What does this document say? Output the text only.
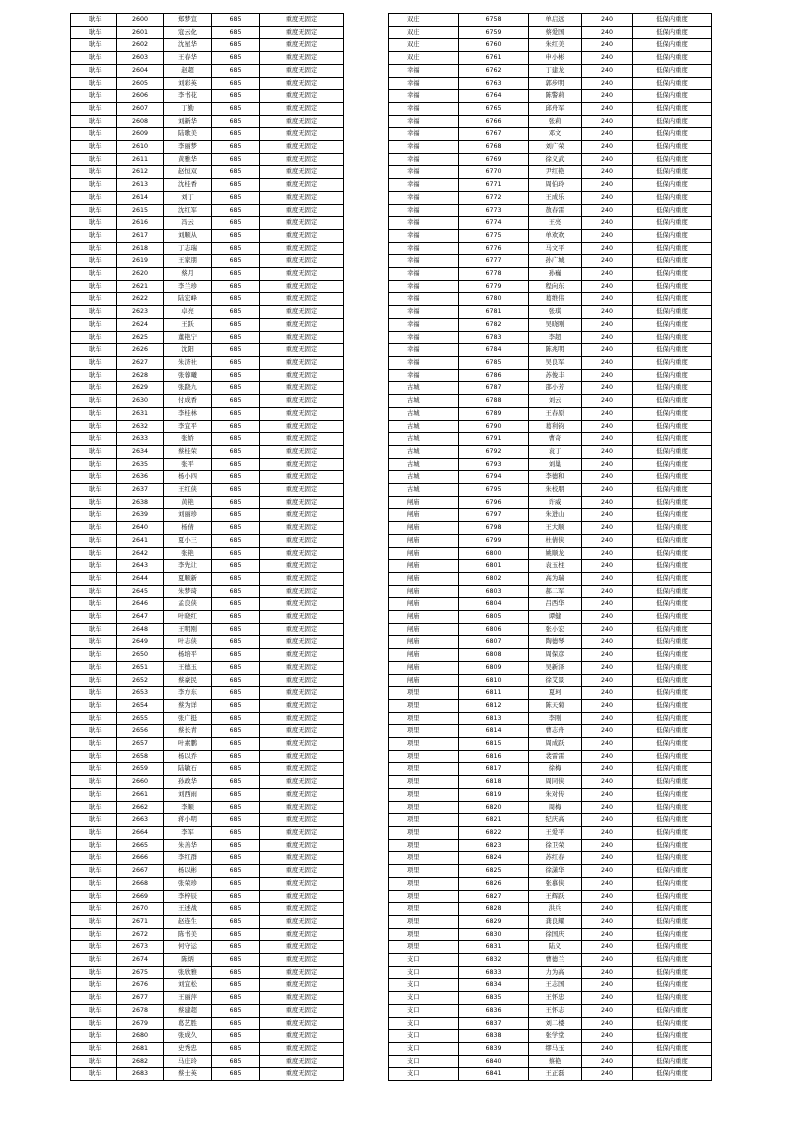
耿车	2600	郑梦宣	685	重度无固定
耿车	2601	寇云化	685	重度无固定
耿车	2602	沈星华	685	重度无固定
耿车	2603	王春华	685	重度无固定
耿车	2604	赵超	685	重度无固定
耿车	2605	刘彩英	685	重度无固定
耿车	2606	李书花	685	重度无固定
耿车	2607	丁勤	685	重度无固定
耿车	2608	刘新华	685	重度无固定
耿车	2609	陆歌美	685	重度无固定
耿车	2610	李丽梦	685	重度无固定
耿车	2611	黄雅华	685	重度无固定
耿车	2612	赵恒双	685	重度无固定
耿车	2613	沈桂香	685	重度无固定
耿车	2614	刘丁	685	重度无固定
耿车	2615	沈红军	685	重度无固定
耿车	2616	冯云	685	重度无固定
耿车	2617	刘顺从	685	重度无固定
耿车	2618	丁志瑞	685	重度无固定
耿车	2619	王家朋	685	重度无固定
耿车	2620	蔡月	685	重度无固定
耿车	2621	李兰珍	685	重度无固定
耿车	2622	陆宏峰	685	重度无固定
耿车	2623	卓亮	685	重度无固定
耿车	2624	王跃	685	重度无固定
耿车	2625	董艳宁	685	重度无固定
耿车	2626	沈阳	685	重度无固定
耿车	2627	朱济社	685	重度无固定
耿车	2628	张蓉曦	685	重度无固定
耿车	2629	张跷九	685	重度无固定
耿车	2630	付成香	685	重度无固定
耿车	2631	李桂林	685	重度无固定
耿车	2632	李宜平	685	重度无固定
耿车	2633	张娇	685	重度无固定
耿车	2634	蔡桂荣	685	重度无固定
耿车	2635	张平	685	重度无固定
耿车	2636	杨小四	685	重度无固定
耿车	2637	王红侠	685	重度无固定
耿车	2638	黄艳	685	重度无固定
耿车	2639	刘丽珍	685	重度无固定
耿车	2640	杨倩	685	重度无固定
耿车	2641	夏小三	685	重度无固定
耿车	2642	张艳	685	重度无固定
耿车	2643	李先让	685	重度无固定
耿车	2644	夏顺新	685	重度无固定
耿车	2645	朱梦琦	685	重度无固定
耿车	2646	孟良侠	685	重度无固定
耿车	2647	叶晓红	685	重度无固定
耿车	2648	王明刚	685	重度无固定
耿车	2649	叶志侠	685	重度无固定
耿车	2650	杨培平	685	重度无固定
耿车	2651	王德玉	685	重度无固定
耿车	2652	蔡豪民	685	重度无固定
耿车	2653	李方东	685	重度无固定
耿车	2654	蔡为详	685	重度无固定
耿车	2655	张广挺	685	重度无固定
耿车	2656	蔡长青	685	重度无固定
耿车	2657	叶素鹏	685	重度无固定
耿车	2658	杨以乔	685	重度无固定
耿车	2659	陆敏石	685	重度无固定
耿车	2660	孙政华	685	重度无固定
耿车	2661	刘西雨	685	重度无固定
耿车	2662	李顺	685	重度无固定
耿车	2663	蒋小明	685	重度无固定
耿车	2664	李军	685	重度无固定
耿车	2665	朱善华	685	重度无固定
耿车	2666	李红群	685	重度无固定
耿车	2667	杨以彬	685	重度无固定
耿车	2668	张荣珍	685	重度无固定
耿车	2669	李梓辰	685	重度无固定
耿车	2670	王述战	685	重度无固定
耿车	2671	赵连生	685	重度无固定
耿车	2672	陈书美	685	重度无固定
耿车	2673	何守运	685	重度无固定
耿车	2674	陈炳	685	重度无固定
耿车	2675	张欣雅	685	重度无固定
耿车	2676	刘宜松	685	重度无固定
耿车	2677	王丽萍	685	重度无固定
耿车	2678	蔡建超	685	重度无固定
耿车	2679	葛艺胜	685	重度无固定
耿车	2680	张成久	685	重度无固定
耿车	2681	史秀忠	685	重度无固定
耿车	2682	马庄玲	685	重度无固定
耿车	2683	蔡士英	685	重度无固定
双庄	6758	单启远	240	低保内重度
双庄	6759	蔡爱国	240	低保内重度
双庄	6760	朱红美	240	低保内重度
双庄	6761	申小彬	240	低保内重度
幸福	6762	丁建龙	240	低保内重度
幸福	6763	郭步明	240	低保内重度
幸福	6764	陈警莉	240	低保内重度
幸福	6765	邱舟军	240	低保内重度
幸福	6766	张莉	240	低保内重度
幸福	6767	邓文	240	低保内重度
幸福	6768	刘广荣	240	低保内重度
幸福	6769	徐义武	240	低保内重度
幸福	6770	尹红艳	240	低保内重度
幸福	6771	周伯玲	240	低保内重度
幸福	6772	王成乐	240	低保内重度
幸福	6773	敖春雷	240	低保内重度
幸福	6774	王亮	240	低保内重度
幸福	6775	单欢欢	240	低保内重度
幸福	6776	马文平	240	低保内重度
幸福	6777	孙广城	240	低保内重度
幸福	6778	孙巍	240	低保内重度
幸福	6779	程向东	240	低保内重度
幸福	6780	葛维伟	240	低保内重度
幸福	6781	张琪	240	低保内重度
幸福	6782	吴晓刚	240	低保内重度
幸福	6783	李超	240	低保内重度
幸福	6784	陈兆明	240	低保内重度
幸福	6785	吴良军	240	低保内重度
幸福	6786	苏俊丰	240	低保内重度
古城	6787	邵小芳	240	低保内重度
古城	6788	刘云	240	低保内重度
古城	6789	王春原	240	低保内重度
古城	6790	葛利钧	240	低保内重度
古城	6791	曹奇	240	低保内重度
古城	6792	袁丁	240	低保内重度
古城	6793	刘巢	240	低保内重度
古城	6794	李德和	240	低保内重度
古城	6795	朱校朋	240	低保内重度
闸庙	6796	许威	240	低保内重度
闸庙	6797	朱进山	240	低保内重度
闸庙	6798	王大顺	240	低保内重度
闸庙	6799	杜倩侠	240	低保内重度
闸庙	6800	姚顺龙	240	低保内重度
闸庙	6801	袁玉柱	240	低保内重度
闸庙	6802	高为瑞	240	低保内重度
闸庙	6803	郝二军	240	低保内重度
闸庙	6804	吕西华	240	低保内重度
闸庙	6805	谭健	240	低保内重度
闸庙	6806	张小宏	240	低保内重度
闸庙	6807	陶德琴	240	低保内重度
闸庙	6808	周保彦	240	低保内重度
闸庙	6809	吴新泽	240	低保内重度
闸庙	6810	徐艾景	240	低保内重度
项里	6811	夏珂	240	低保内重度
项里	6812	陈天菊	240	低保内重度
项里	6813	李刚	240	低保内重度
项里	6814	曹志舟	240	低保内重度
项里	6815	周成跃	240	低保内重度
项里	6816	裴雷雷	240	低保内重度
项里	6817	徐梅	240	低保内重度
项里	6818	周同侠	240	低保内重度
项里	6819	朱对传	240	低保内重度
项里	6820	周梅	240	低保内重度
项里	6821	纪庆高	240	低保内重度
项里	6822	王爱平	240	低保内重度
项里	6823	徐卫荣	240	低保内重度
项里	6824	苏红春	240	低保内重度
项里	6825	徐潇华	240	低保内重度
项里	6826	张慕侠	240	低保内重度
项里	6827	王辉跃	240	低保内重度
项里	6828	洪兵	240	低保内重度
项里	6829	龚良耀	240	低保内重度
项里	6830	徐国庆	240	低保内重度
项里	6831	陆义	240	低保内重度
支口	6832	曹德兰	240	低保内重度
支口	6833	力为高	240	低保内重度
支口	6834	王志国	240	低保内重度
支口	6835	王怀忠	240	低保内重度
支口	6836	王怀志	240	低保内重度
支口	6837	刘二楼	240	低保内重度
支口	6838	张学堂	240	低保内重度
支口	6839	缪马玉	240	低保内重度
支口	6840	蔡艳	240	低保内重度
支口	6841	王正磊	240	低保内重度
